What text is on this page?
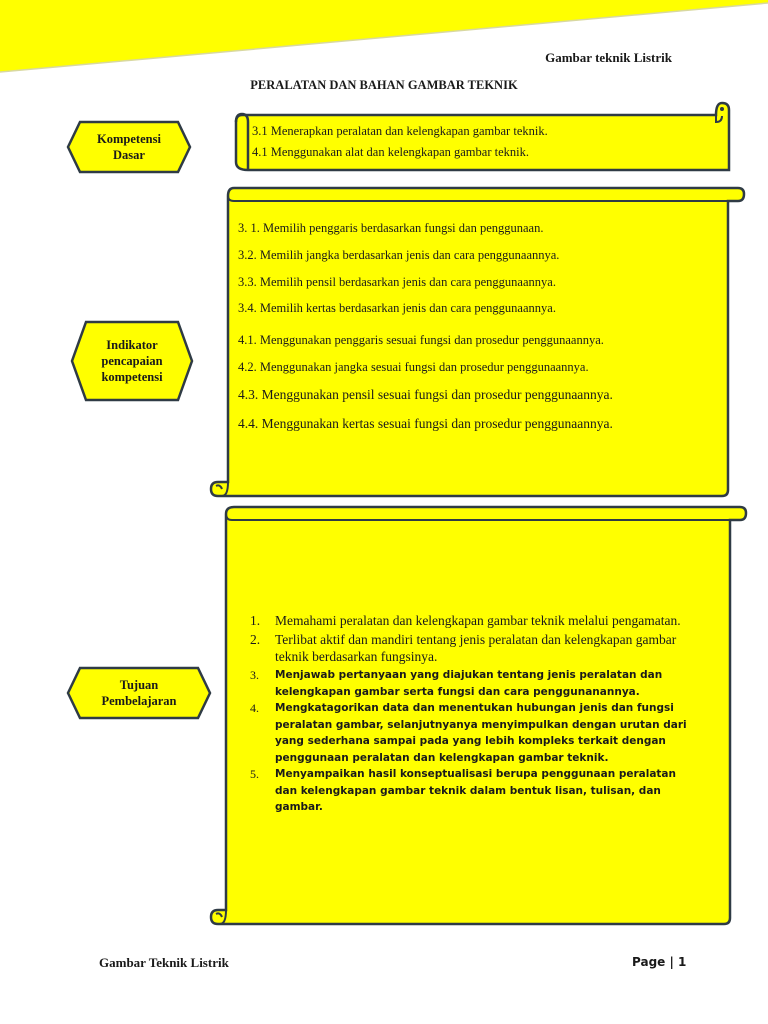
Gambar teknik Listrik
PERALATAN DAN BAHAN GAMBAR TEKNIK
Kompetensi Dasar
Indikator pencapaian kompetensi
Tujuan Pembelajaran
3.1 Menerapkan peralatan dan kelengkapan gambar teknik.
4.1 Menggunakan alat dan kelengkapan gambar teknik.
3. 1. Memilih penggaris berdasarkan fungsi dan penggunaan.
3.2. Memilih jangka berdasarkan jenis dan cara penggunaannya.
3.3. Memilih pensil berdasarkan jenis dan cara penggunaannya.
3.4. Memilih kertas berdasarkan jenis dan cara penggunaannya.
4.1. Menggunakan penggaris sesuai fungsi dan prosedur penggunaannya.
4.2. Menggunakan jangka sesuai fungsi dan prosedur penggunaannya.
4.3. Menggunakan pensil sesuai fungsi dan prosedur penggunaannya.
4.4. Menggunakan kertas sesuai fungsi dan prosedur penggunaannya.
1. Memahami peralatan dan kelengkapan gambar teknik melalui pengamatan.
2. Terlibat aktif dan mandiri tentang jenis peralatan dan kelengkapan gambar teknik berdasarkan fungsinya.
3. Menjawab pertanyaan yang diajukan tentang jenis peralatan dan kelengkapan gambar serta fungsi dan cara penggunanannya.
4. Mengkatagorikan data dan menentukan hubungan jenis dan fungsi peralatan gambar, selanjutnyanya menyimpulkan dengan urutan dari yang sederhana sampai pada yang lebih kompleks terkait dengan penggunaan peralatan dan kelengkapan gambar teknik.
5. Menyampaikan hasil konseptualisasi berupa penggunaan peralatan dan kelengkapan gambar teknik dalam bentuk lisan, tulisan, dan gambar.
Gambar Teknik Listrik	Page | 1
